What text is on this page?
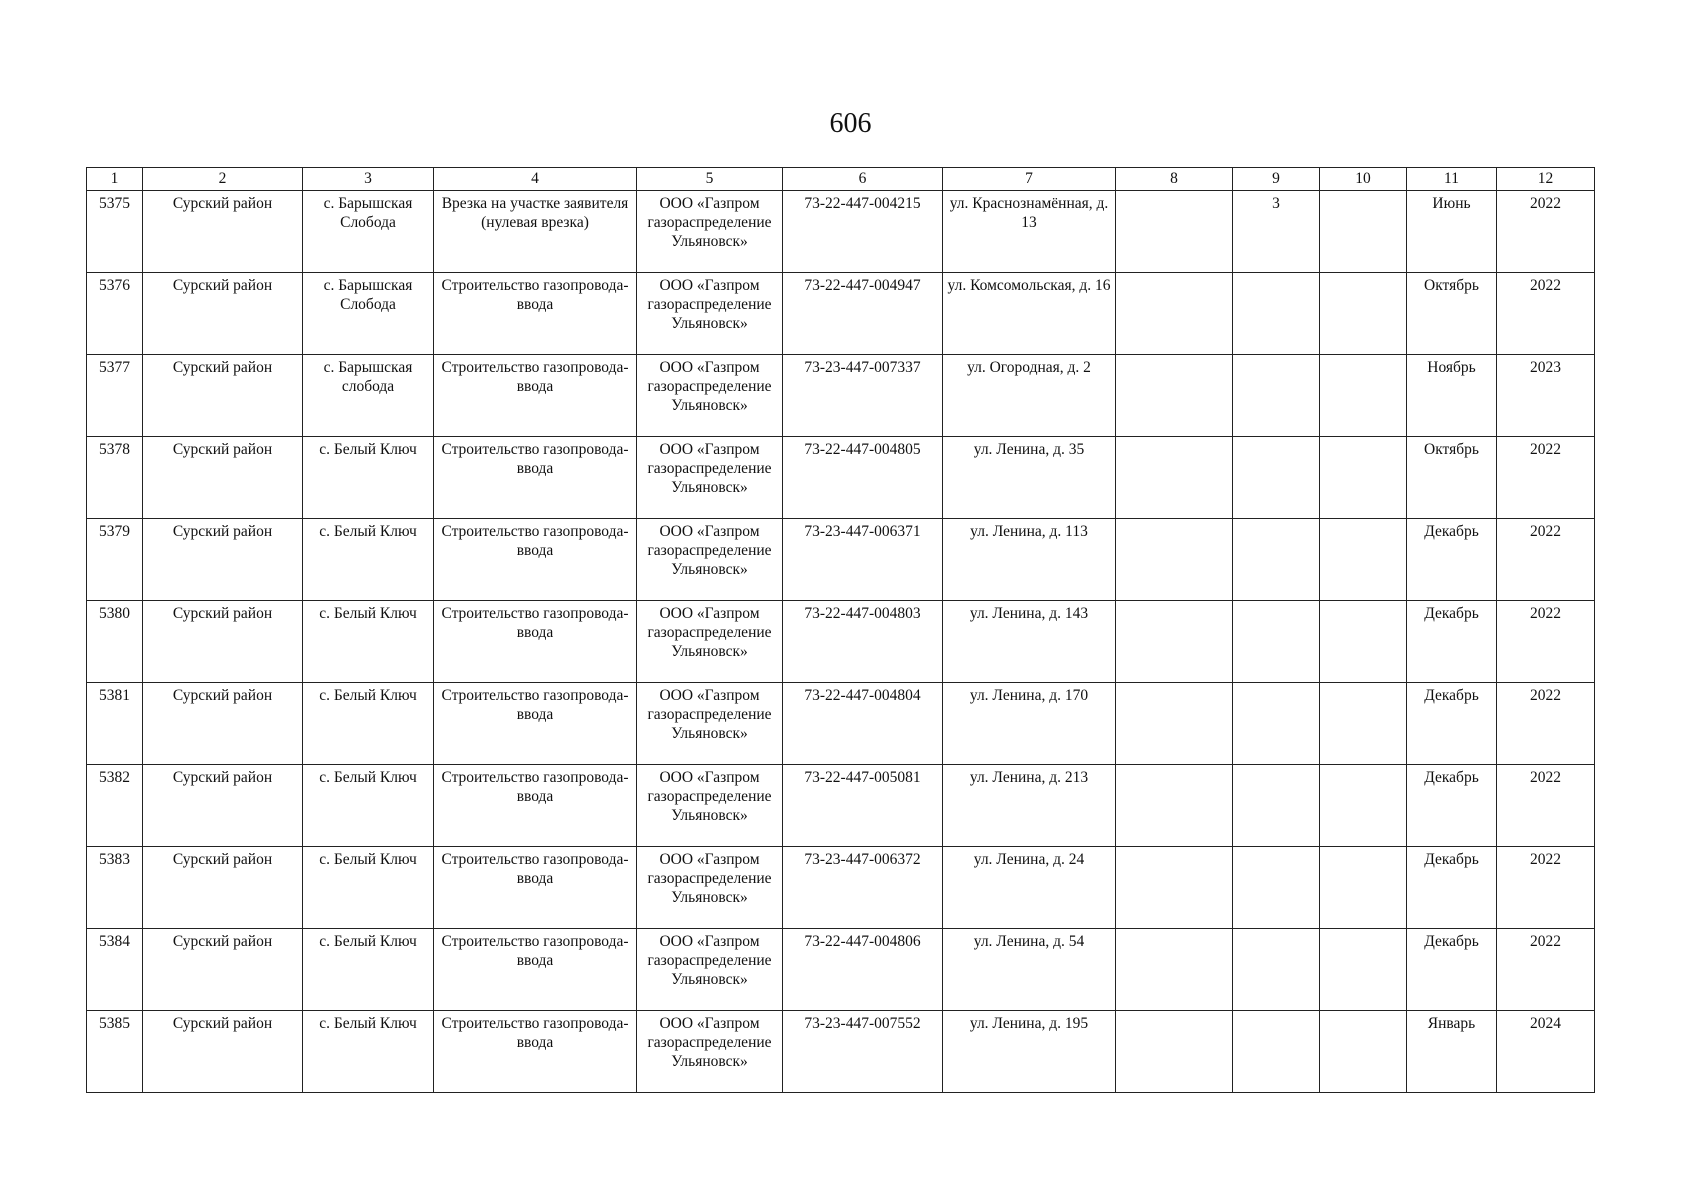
606
1	2	3	4	5	6	7	8	9	10	11	12
5375	Сурский район	с. Барышская Слобода	Врезка на участке заявителя (нулевая врезка)	ООО «Газпром газораспределение Ульяновск»	73-22-447-004215	ул. Краснознамённая, д. 13		3		Июнь	2022
5376	Сурский район	с. Барышская Слобода	Строительство газопровода-ввода	ООО «Газпром газораспределение Ульяновск»	73-22-447-004947	ул. Комсомольская, д. 16				Октябрь	2022
5377	Сурский район	с. Барышская слобода	Строительство газопровода-ввода	ООО «Газпром газораспределение Ульяновск»	73-23-447-007337	ул. Огородная, д. 2				Ноябрь	2023
5378	Сурский район	с. Белый Ключ	Строительство газопровода-ввода	ООО «Газпром газораспределение Ульяновск»	73-22-447-004805	ул. Ленина, д. 35				Октябрь	2022
5379	Сурский район	с. Белый Ключ	Строительство газопровода-ввода	ООО «Газпром газораспределение Ульяновск»	73-23-447-006371	ул. Ленина, д. 113				Декабрь	2022
5380	Сурский район	с. Белый Ключ	Строительство газопровода-ввода	ООО «Газпром газораспределение Ульяновск»	73-22-447-004803	ул. Ленина, д. 143				Декабрь	2022
5381	Сурский район	с. Белый Ключ	Строительство газопровода-ввода	ООО «Газпром газораспределение Ульяновск»	73-22-447-004804	ул. Ленина, д. 170				Декабрь	2022
5382	Сурский район	с. Белый Ключ	Строительство газопровода-ввода	ООО «Газпром газораспределение Ульяновск»	73-22-447-005081	ул. Ленина, д. 213				Декабрь	2022
5383	Сурский район	с. Белый Ключ	Строительство газопровода-ввода	ООО «Газпром газораспределение Ульяновск»	73-23-447-006372	ул. Ленина, д. 24				Декабрь	2022
5384	Сурский район	с. Белый Ключ	Строительство газопровода-ввода	ООО «Газпром газораспределение Ульяновск»	73-22-447-004806	ул. Ленина, д. 54				Декабрь	2022
5385	Сурский район	с. Белый Ключ	Строительство газопровода-ввода	ООО «Газпром газораспределение Ульяновск»	73-23-447-007552	ул. Ленина, д. 195				Январь	2024
